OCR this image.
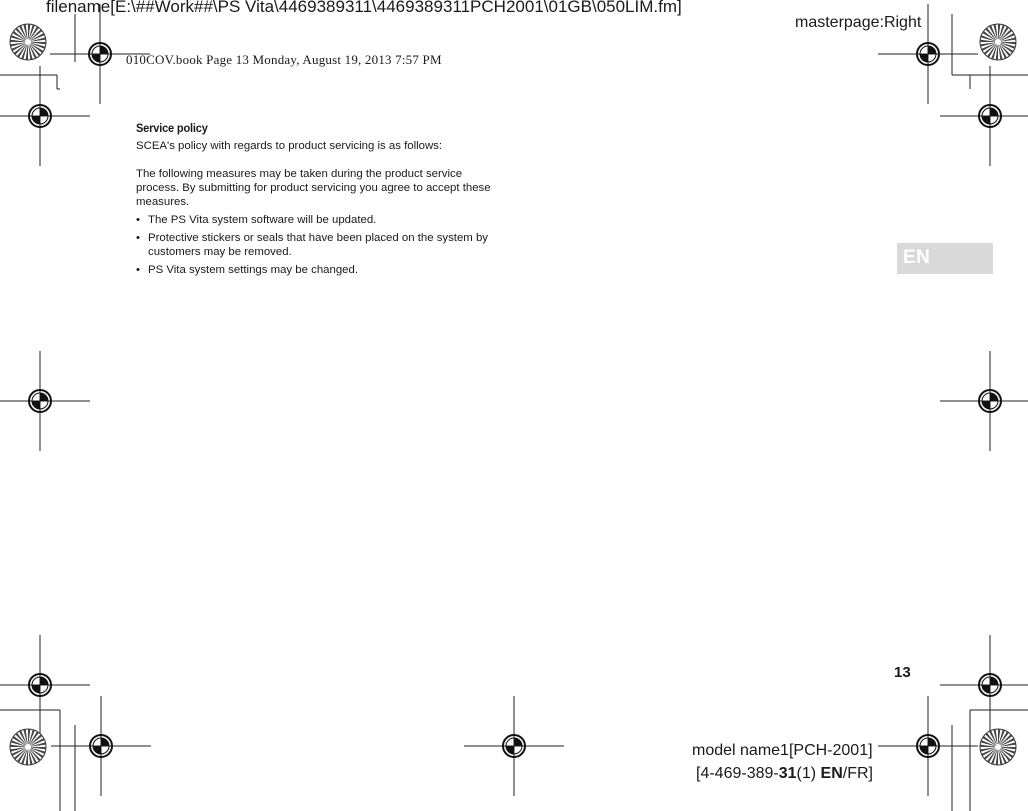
filename[E:\##Work##\PS Vita\4469389311\4469389311PCH2001\01GB\050LIM.fm]
masterpage:Right
010COV.book Page 13 Monday, August 19, 2013 7:57 PM
Service policy

SCEA's policy with regards to product servicing is as follows:

The following measures may be taken during the product service process. By submitting for product servicing you agree to accept these measures.

• The PS Vita system software will be updated.
• Protective stickers or seals that have been placed on the system by customers may be removed.
• PS Vita system settings may be changed.
EN
13
model name1[PCH-2001]
[4-469-389-31(1) EN/FR]
